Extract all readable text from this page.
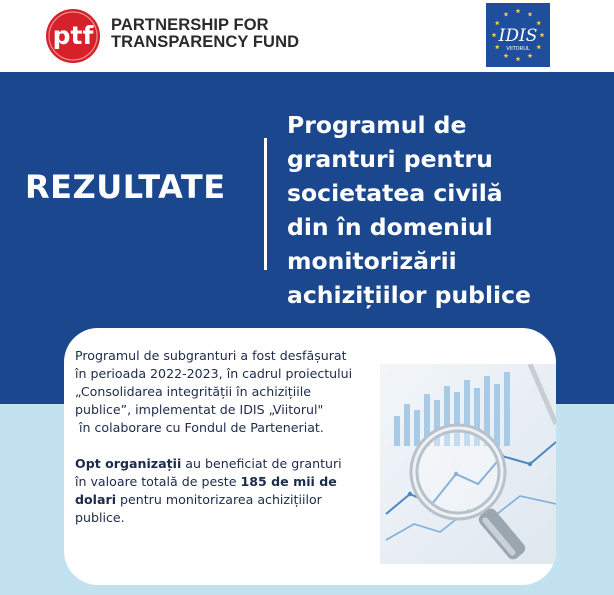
ptf PARTNERSHIP FOR
TRANSPARENCY FUND	IDIS
VIITORUL
REZULTATE
Programul de
granturi pentru
societatea civilă
din în domeniul
monitorizării
achizițiilor publice
Programul de subgranturi a fost desfășurat
în perioada 2022-2023, în cadrul proiectului
„Consolidarea integrității în achizițiile
publice”, implementat de IDIS „Viitorul"
în colaborare cu Fondul de Parteneriat.
Opt organizații au beneficiat de granturi
în valoare totală de peste 185 de mii de
dolari pentru monitorizarea achizițiilor
publice.
